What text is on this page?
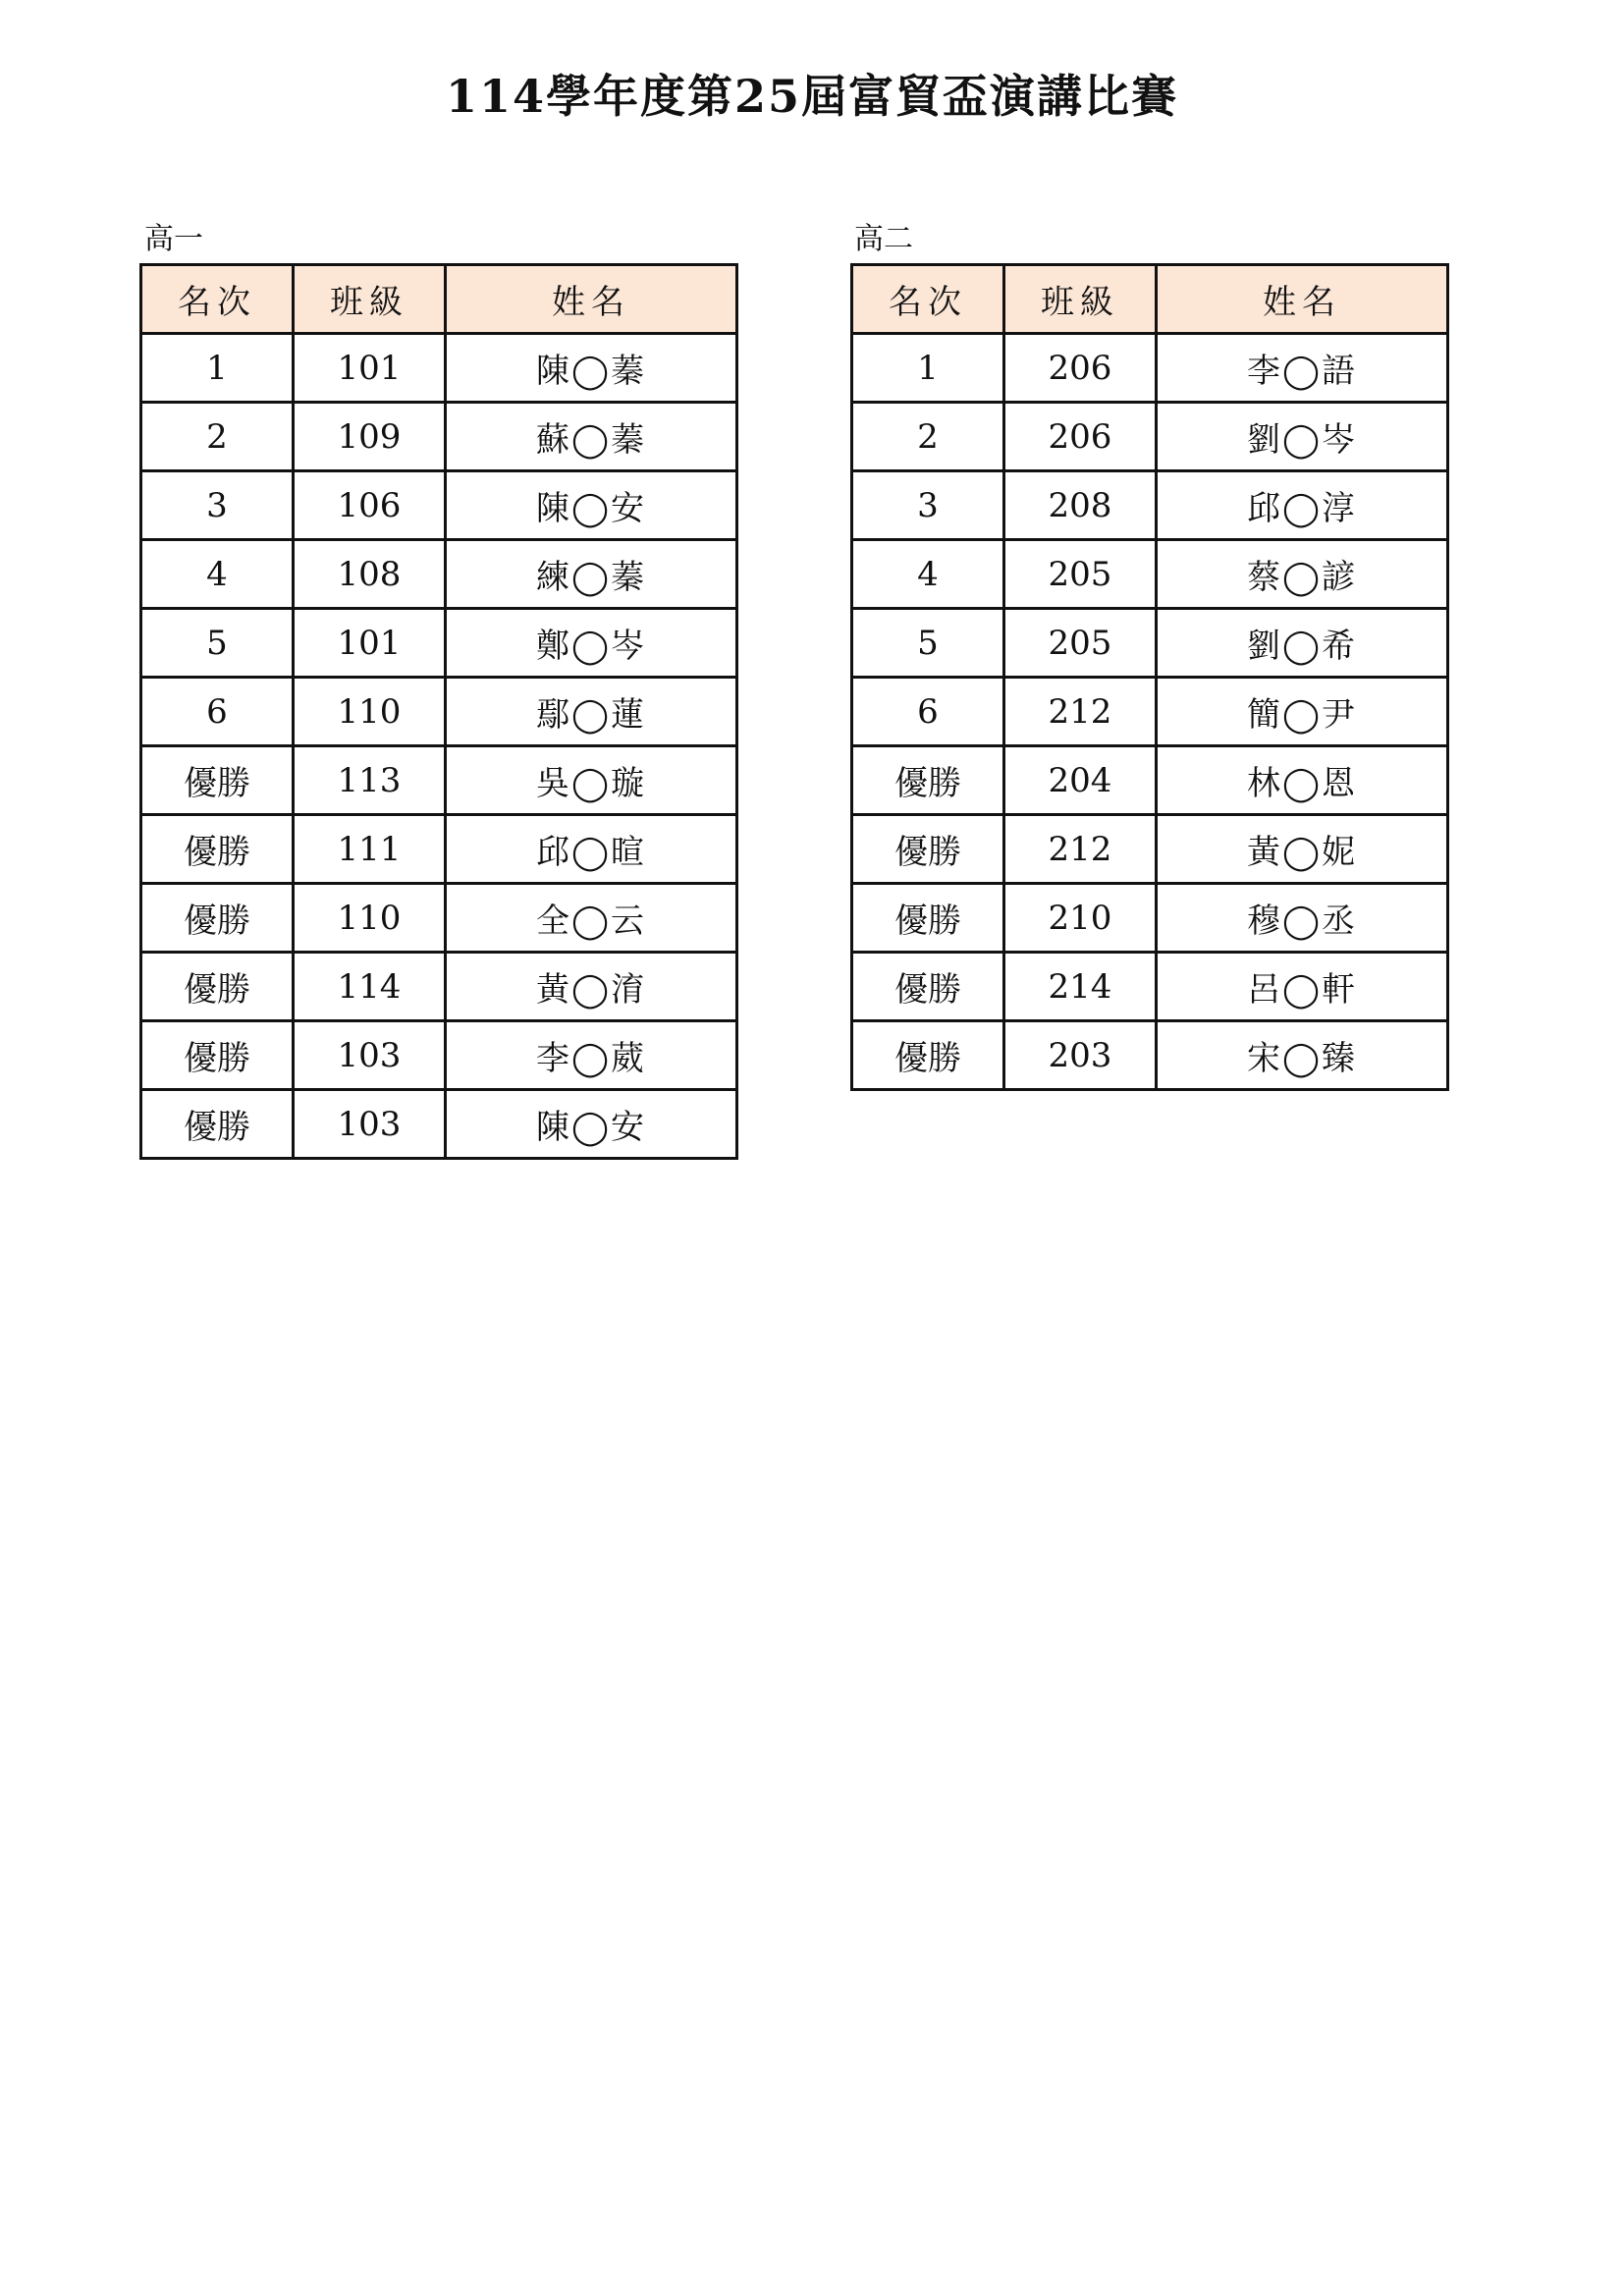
114學年度第25屆富貿盃演講比賽

高一

名次	班級	姓名
1	101	陳◯蓁
2	109	蘇◯蓁
3	106	陳◯安
4	108	練◯蓁
5	101	鄭◯岑
6	110	鄢◯蓮
優勝	113	吳◯璇
優勝	111	邱◯暄
優勝	110	全◯云
優勝	114	黃◯淯
優勝	103	李◯葳
優勝	103	陳◯安

高二

名次	班級	姓名
1	206	李◯語
2	206	劉◯岑
3	208	邱◯淳
4	205	蔡◯諺
5	205	劉◯希
6	212	簡◯尹
優勝	204	林◯恩
優勝	212	黃◯妮
優勝	210	穆◯丞
優勝	214	呂◯軒
優勝	203	宋◯臻
